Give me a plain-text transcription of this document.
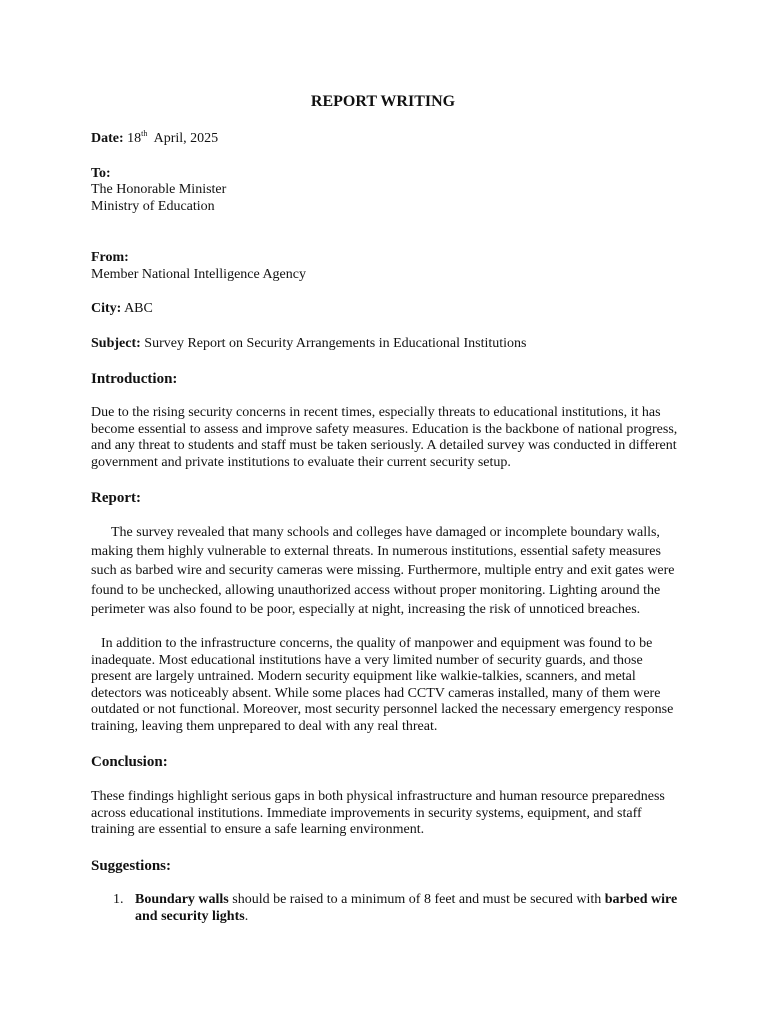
REPORT WRITING

Date: 18th April, 2025

To:

The Honorable Minister

Ministry of Education

From:

Member National Intelligence Agency

City: ABC

Subject: Survey Report on Security Arrangements in Educational Institutions

Introduction:

Due to the rising security concerns in recent times, especially threats to educational institutions, it has become essential to assess and improve safety measures. Education is the backbone of national progress, and any threat to students and staff must be taken seriously. A detailed survey was conducted in different government and private institutions to evaluate their current security setup.

Report:

The survey revealed that many schools and colleges have damaged or incomplete boundary walls, making them highly vulnerable to external threats. In numerous institutions, essential safety measures such as barbed wire and security cameras were missing. Furthermore, multiple entry and exit gates were found to be unchecked, allowing unauthorized access without proper monitoring. Lighting around the perimeter was also found to be poor, especially at night, increasing the risk of unnoticed breaches.

In addition to the infrastructure concerns, the quality of manpower and equipment was found to be inadequate. Most educational institutions have a very limited number of security guards, and those present are largely untrained. Modern security equipment like walkie-talkies, scanners, and metal detectors was noticeably absent. While some places had CCTV cameras installed, many of them were outdated or not functional. Moreover, most security personnel lacked the necessary emergency response training, leaving them unprepared to deal with any real threat.

Conclusion:

These findings highlight serious gaps in both physical infrastructure and human resource preparedness across educational institutions. Immediate improvements in security systems, equipment, and staff training are essential to ensure a safe learning environment.

Suggestions:
1. Boundary walls should be raised to a minimum of 8 feet and must be secured with barbed wire and security lights.
